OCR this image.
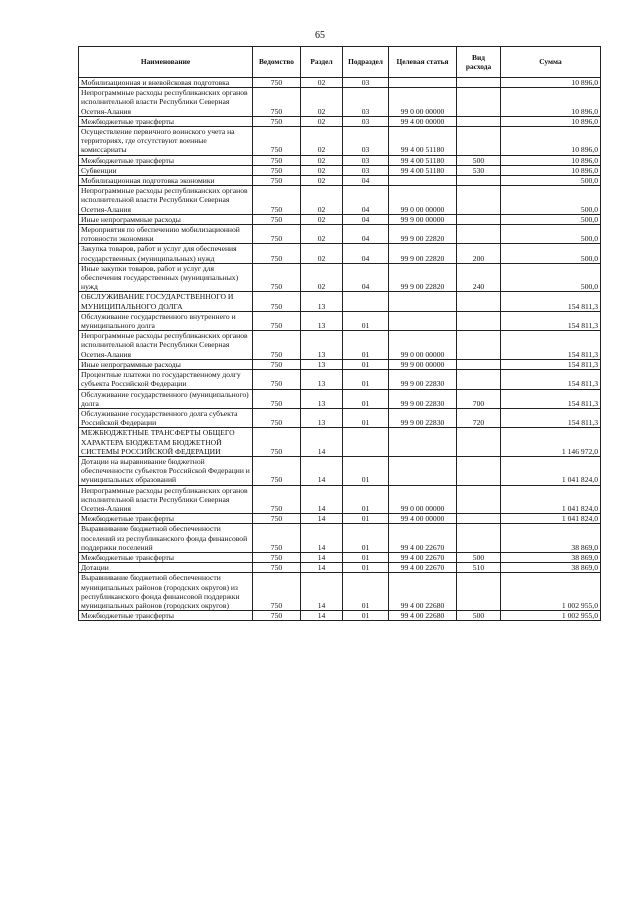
65
Наименование	Ведомство	Раздел	Подраздел	Целевая статья	Вид расхода	Сумма
Мобилизационная и вневойсковая подготовка	750	02	03			10 896,0
Непрограммные расходы республиканских органов исполнительной власти Республики Северная Осетия-Алания	750	02	03	99 0 00 00000		10 896,0
Межбюджетные трансферты	750	02	03	99 4 00 00000		10 896,0
Осуществление первичного воинского учета на территориях, где отсутствуют военные комиссариаты	750	02	03	99 4 00 51180		10 896,0
Межбюджетные трансферты	750	02	03	99 4 00 51180	500	10 896,0
Субвенции	750	02	03	99 4 00 51180	530	10 896,0
Мобилизационная подготовка экономики	750	02	04			500,0
Непрограммные расходы республиканских органов исполнительной власти Республики Северная Осетия-Алания	750	02	04	99 0 00 00000		500,0
Иные непрограммные расходы	750	02	04	99 9 00 00000		500,0
Мероприятия по обеспечению мобилизационной готовности экономики	750	02	04	99 9 00 22820		500,0
Закупка товаров, работ и услуг для обеспечения государственных (муниципальных) нужд	750	02	04	99 9 00 22820	200	500,0
Иные закупки товаров, работ и услуг для обеспечения государственных (муниципальных) нужд	750	02	04	99 9 00 22820	240	500,0
ОБСЛУЖИВАНИЕ ГОСУДАРСТВЕННОГО И МУНИЦИПАЛЬНОГО ДОЛГА	750	13				154 811,3
Обслуживание государственного внутреннего и муниципального долга	750	13	01			154 811,3
Непрограммные расходы республиканских органов исполнительной власти Республики Северная Осетия-Алания	750	13	01	99 0 00 00000		154 811,3
Иные непрограммные расходы	750	13	01	99 9 00 00000		154 811,3
Процентные платежи по государственному долгу субъекта Российской Федерации	750	13	01	99 9 00 22830		154 811,3
Обслуживание государственного (муниципального) долга	750	13	01	99 9 00 22830	700	154 811,3
Обслуживание государственного долга субъекта Российской Федерации	750	13	01	99 9 00 22830	720	154 811,3
МЕЖБЮДЖЕТНЫЕ ТРАНСФЕРТЫ ОБЩЕГО ХАРАКТЕРА БЮДЖЕТАМ БЮДЖЕТНОЙ СИСТЕМЫ РОССИЙСКОЙ ФЕДЕРАЦИИ	750	14				1 146 972,0
Дотации на выравнивание бюджетной обеспеченности субъектов Российской Федерации и муниципальных образований	750	14	01			1 041 824,0
Непрограммные расходы республиканских органов исполнительной власти Республики Северная Осетия-Алания	750	14	01	99 0 00 00000		1 041 824,0
Межбюджетные трансферты	750	14	01	99 4 00 00000		1 041 824,0
Выравнивание бюджетной обеспеченности поселений из республиканского фонда финансовой поддержки поселений	750	14	01	99 4 00 22670		38 869,0
Межбюджетные трансферты	750	14	01	99 4 00 22670	500	38 869,0
Дотации	750	14	01	99 4 00 22670	510	38 869,0
Выравнивание бюджетной обеспеченности муниципальных районов (городских округов) из республиканского фонда финансовой поддержки муниципальных районов (городских округов)	750	14	01	99 4 00 22680		1 002 955,0
Межбюджетные трансферты	750	14	01	99 4 00 22680	500	1 002 955,0
